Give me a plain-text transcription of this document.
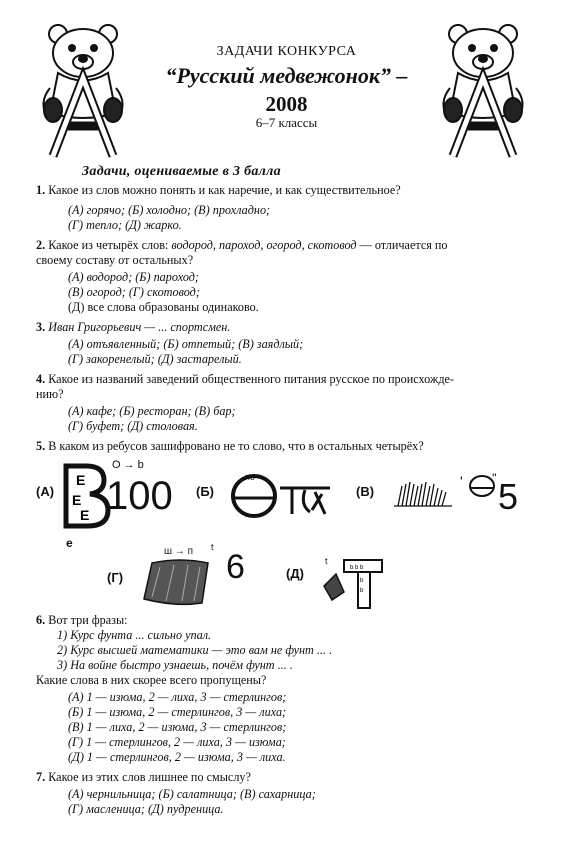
ЗАДАЧИ КОНКУРСА
“Русский медвежонок” –
2008
6–7 классы
Задачи, оцениваемые в 3 балла
1. Какое из слов можно понять и как наречие, и как существительное?
(А) горячо; (Б) холодно; (В) прохладно;
(Г) тепло; (Д) жарко.
2. Какое из четырёх слов: водород, пароход, огород, скотовод — отличается по
своему составу от остальных?
(А) водород; (Б) пароход;
(В) огород; (Г) скотовод;
(Д) все слова образованы одинаково.
3. Иван Григорьевич — ... спортсмен.
(А) отъявленный; (Б) отпетый; (В) заядлый;
(Г) закоренелый; (Д) застарелый.
4. Какое из названий заведений общественного питания русское по происхожде-
нию?
(А) кафе; (Б) ресторан; (В) бар;
(Г) буфет; (Д) столовая.
5. В каком из ребусов зашифровано не то слово, что в остальных четырёх?
(А)
E
E
E
О → b
100 (Б)
по
(В)
' '' 5
е
(Г)
ш → п t
6	(Д)
t
b b b
b
b
6. Вот три фразы:
1) Курс фунта ... сильно упал.
2) Курс высшей математики — это вам не фунт ... .
3) На войне быстро узнаешь, почём фунт ... .
Какие слова в них скорее всего пропущены?
(А) 1 — изюма, 2 — лиха, 3 — стерлингов;
(Б) 1 — изюма, 2 — стерлингов, 3 — лиха;
(В) 1 — лиха, 2 — изюма, 3 — стерлингов;
(Г) 1 — стерлингов, 2 — лиха, 3 — изюма;
(Д) 1 — стерлингов, 2 — изюма, 3 — лиха.
7. Какое из этих слов лишнее по смыслу?
(А) чернильница; (Б) салатница; (В) сахарница;
(Г) масленица; (Д) пудреница.
